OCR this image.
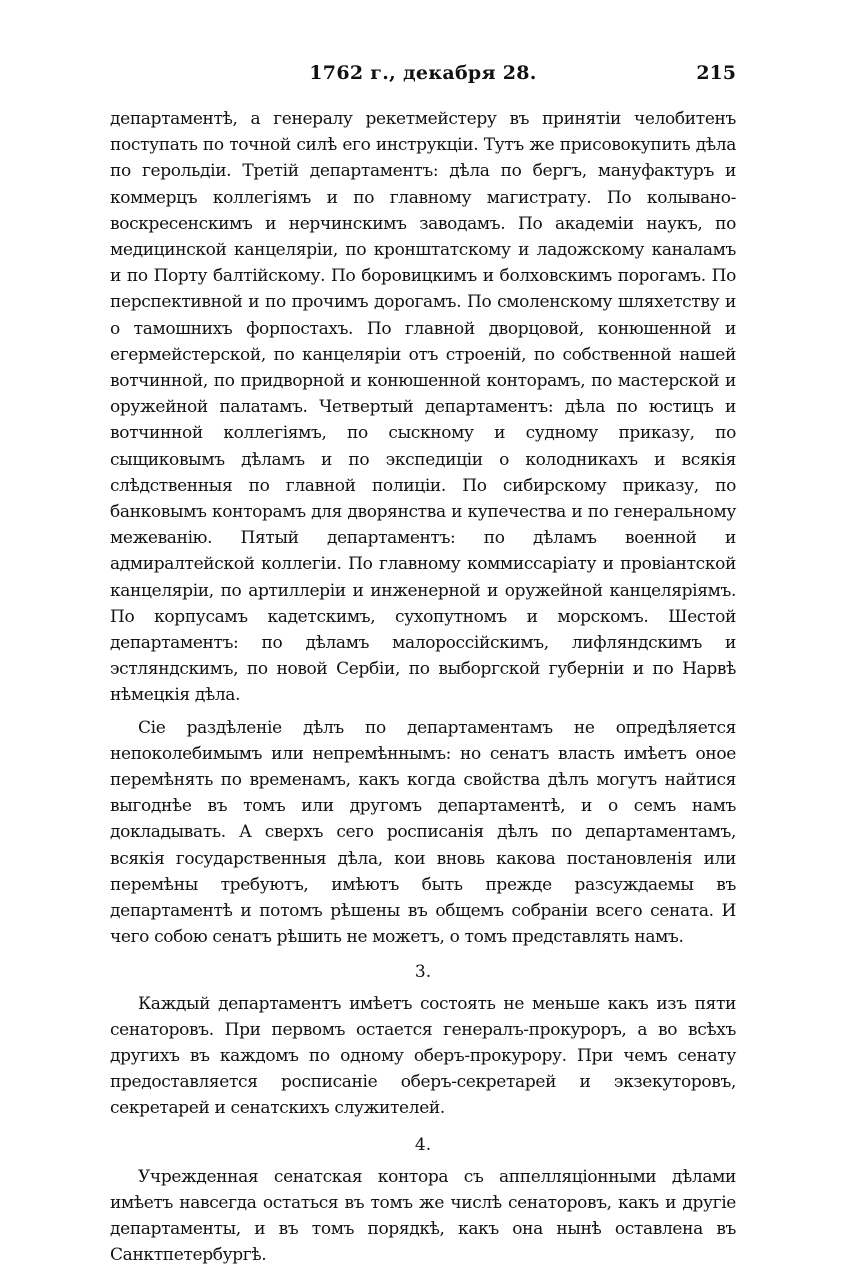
1762 г., декабря 28.	215

департаментѣ, а генералу рекетмейстеру въ принятіи челобитенъ поступать по точной силѣ его инструкціи. Тутъ же присовокупить дѣла по герольдіи. Третій департаментъ: дѣла по бергъ, мануфактуръ и коммерцъ коллегіямъ и по главному магистрату. По колывано-воскресенскимъ и нерчинскимъ заводамъ. По академіи наукъ, по медицинской канцеляріи, по кронштатскому и ладожскому каналамъ и по Порту балтійскому. По боровицкимъ и болховскимъ порогамъ. По перспективной и по прочимъ дорогамъ. По смоленскому шляхетству и о тамошнихъ форпостахъ. По главной дворцовой, конюшенной и егермейстерской, по канцеляріи отъ строеній, по собственной нашей вотчинной, по придворной и конюшенной конторамъ, по мастерской и оружейной палатамъ. Четвертый департаментъ: дѣла по юстицъ и вотчинной коллегіямъ, по сыскному и судному приказу, по сыщиковымъ дѣламъ и по экспедиціи о колодникахъ и всякія слѣдственныя по главной полиціи. По сибирскому приказу, по банковымъ конторамъ для дворянства и купечества и по генеральному межеванію. Пятый департаментъ: по дѣламъ военной и адмиралтейской коллегіи. По главному коммиссаріату и провіантской канцеляріи, по артиллеріи и инженерной и оружейной канцеляріямъ. По корпусамъ кадетскимъ, сухопутномъ и морскомъ. Шестой департаментъ: по дѣламъ малороссійскимъ, лифляндскимъ и эстляндскимъ, по новой Сербіи, по выборгской губерніи и по Нарвѣ нѣмецкія дѣла.

Сіе раздѣленіе дѣлъ по департаментамъ не опредѣляется непоколебимымъ или непремѣннымъ: но сенатъ власть имѣетъ оное перемѣнять по временамъ, какъ когда свойства дѣлъ могутъ найтися выгоднѣе въ томъ или другомъ департаментѣ, и о семъ намъ докладывать. А сверхъ сего росписанія дѣлъ по департаментамъ, всякія государственныя дѣла, кои вновь какова постановленія или перемѣны требуютъ, имѣютъ быть прежде разсуждаемы въ департаментѣ и потомъ рѣшены въ общемъ собраніи всего сената. И чего собою сенатъ рѣшить не можетъ, о томъ представлять намъ.

3.

Каждый департаментъ имѣетъ состоять не меньше какъ изъ пяти сенаторовъ. При первомъ остается генералъ-прокуроръ, а во всѣхъ другихъ въ каждомъ по одному оберъ-прокурору. При чемъ сенату предоставляется росписаніе оберъ-секретарей и экзекуторовъ, секретарей и сенатскихъ служителей.

4.

Учрежденная сенатская контора съ аппелляціонными дѣлами имѣетъ навсегда остаться въ томъ же числѣ сенаторовъ, какъ и другіе департаменты, и въ томъ порядкѣ, какъ она нынѣ оставлена въ Санктпетербургѣ.
